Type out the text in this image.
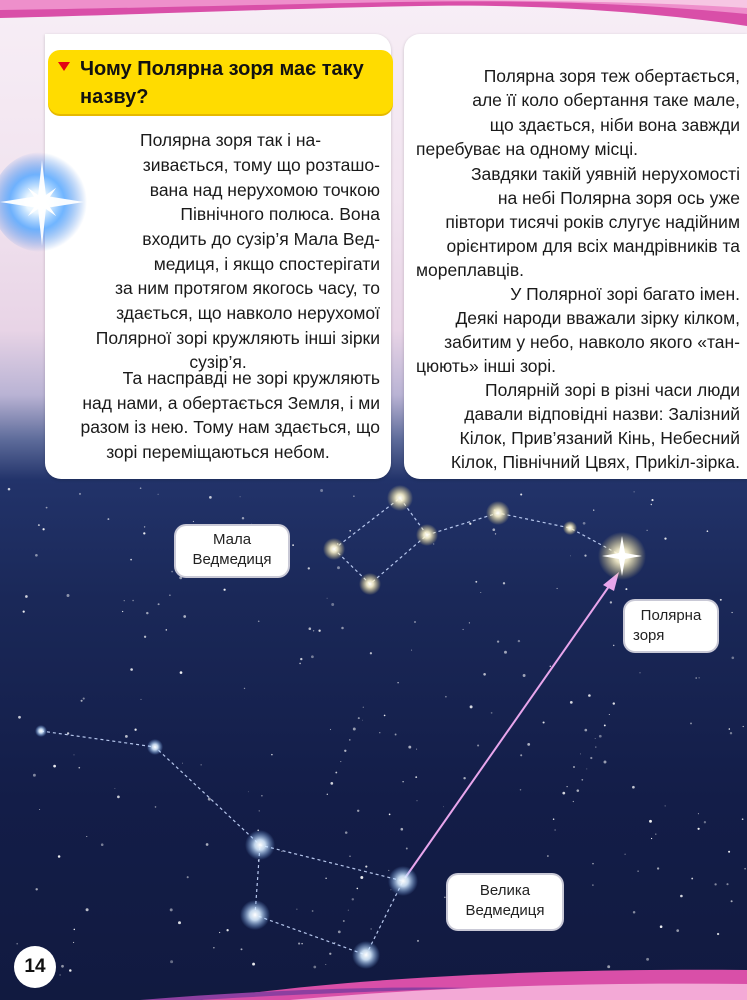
Чому Полярна зоря має таку назву?
Полярна зоря так і на-
зивається, тому що розташо-
вана над нерухомою точкою
Північного полюса. Вона
входить до сузір’я Мала Вед-
медиця, і якщо спостерігати
за ним протягом якогось часу, то
здається, що навколо нерухомої
Полярної зорі кружляють інші зірки
сузір’я.
Та насправді не зорі кружляють
над нами, а обертається Земля, і ми
разом із нею. Тому нам здається, що
зорі переміщаються небом.
Полярна зоря теж обертається,
але її коло обертання таке мале,
що здається, ніби вона завжди
перебуває на одному місці.
Завдяки такій уявній нерухомості
на небі Полярна зоря ось уже
півтори тисячі років слугує надійним
орієнтиром для всіх мандрівників та
мореплавців.
У Полярної зорі багато імен.
Деякі народи вважали зірку кілком,
забитим у небо, навколо якого «тан-
цюють» інші зорі.
Полярній зорі в різні часи люди
давали відповідні назви: Залізний
Кілок, Прив’язаний Кінь, Небесний
Кілок, Північний Цвях, Приkіл-зірка.
Мала
Ведмедиця
Полярна
зоря
Велика
Ведмедиця
14
